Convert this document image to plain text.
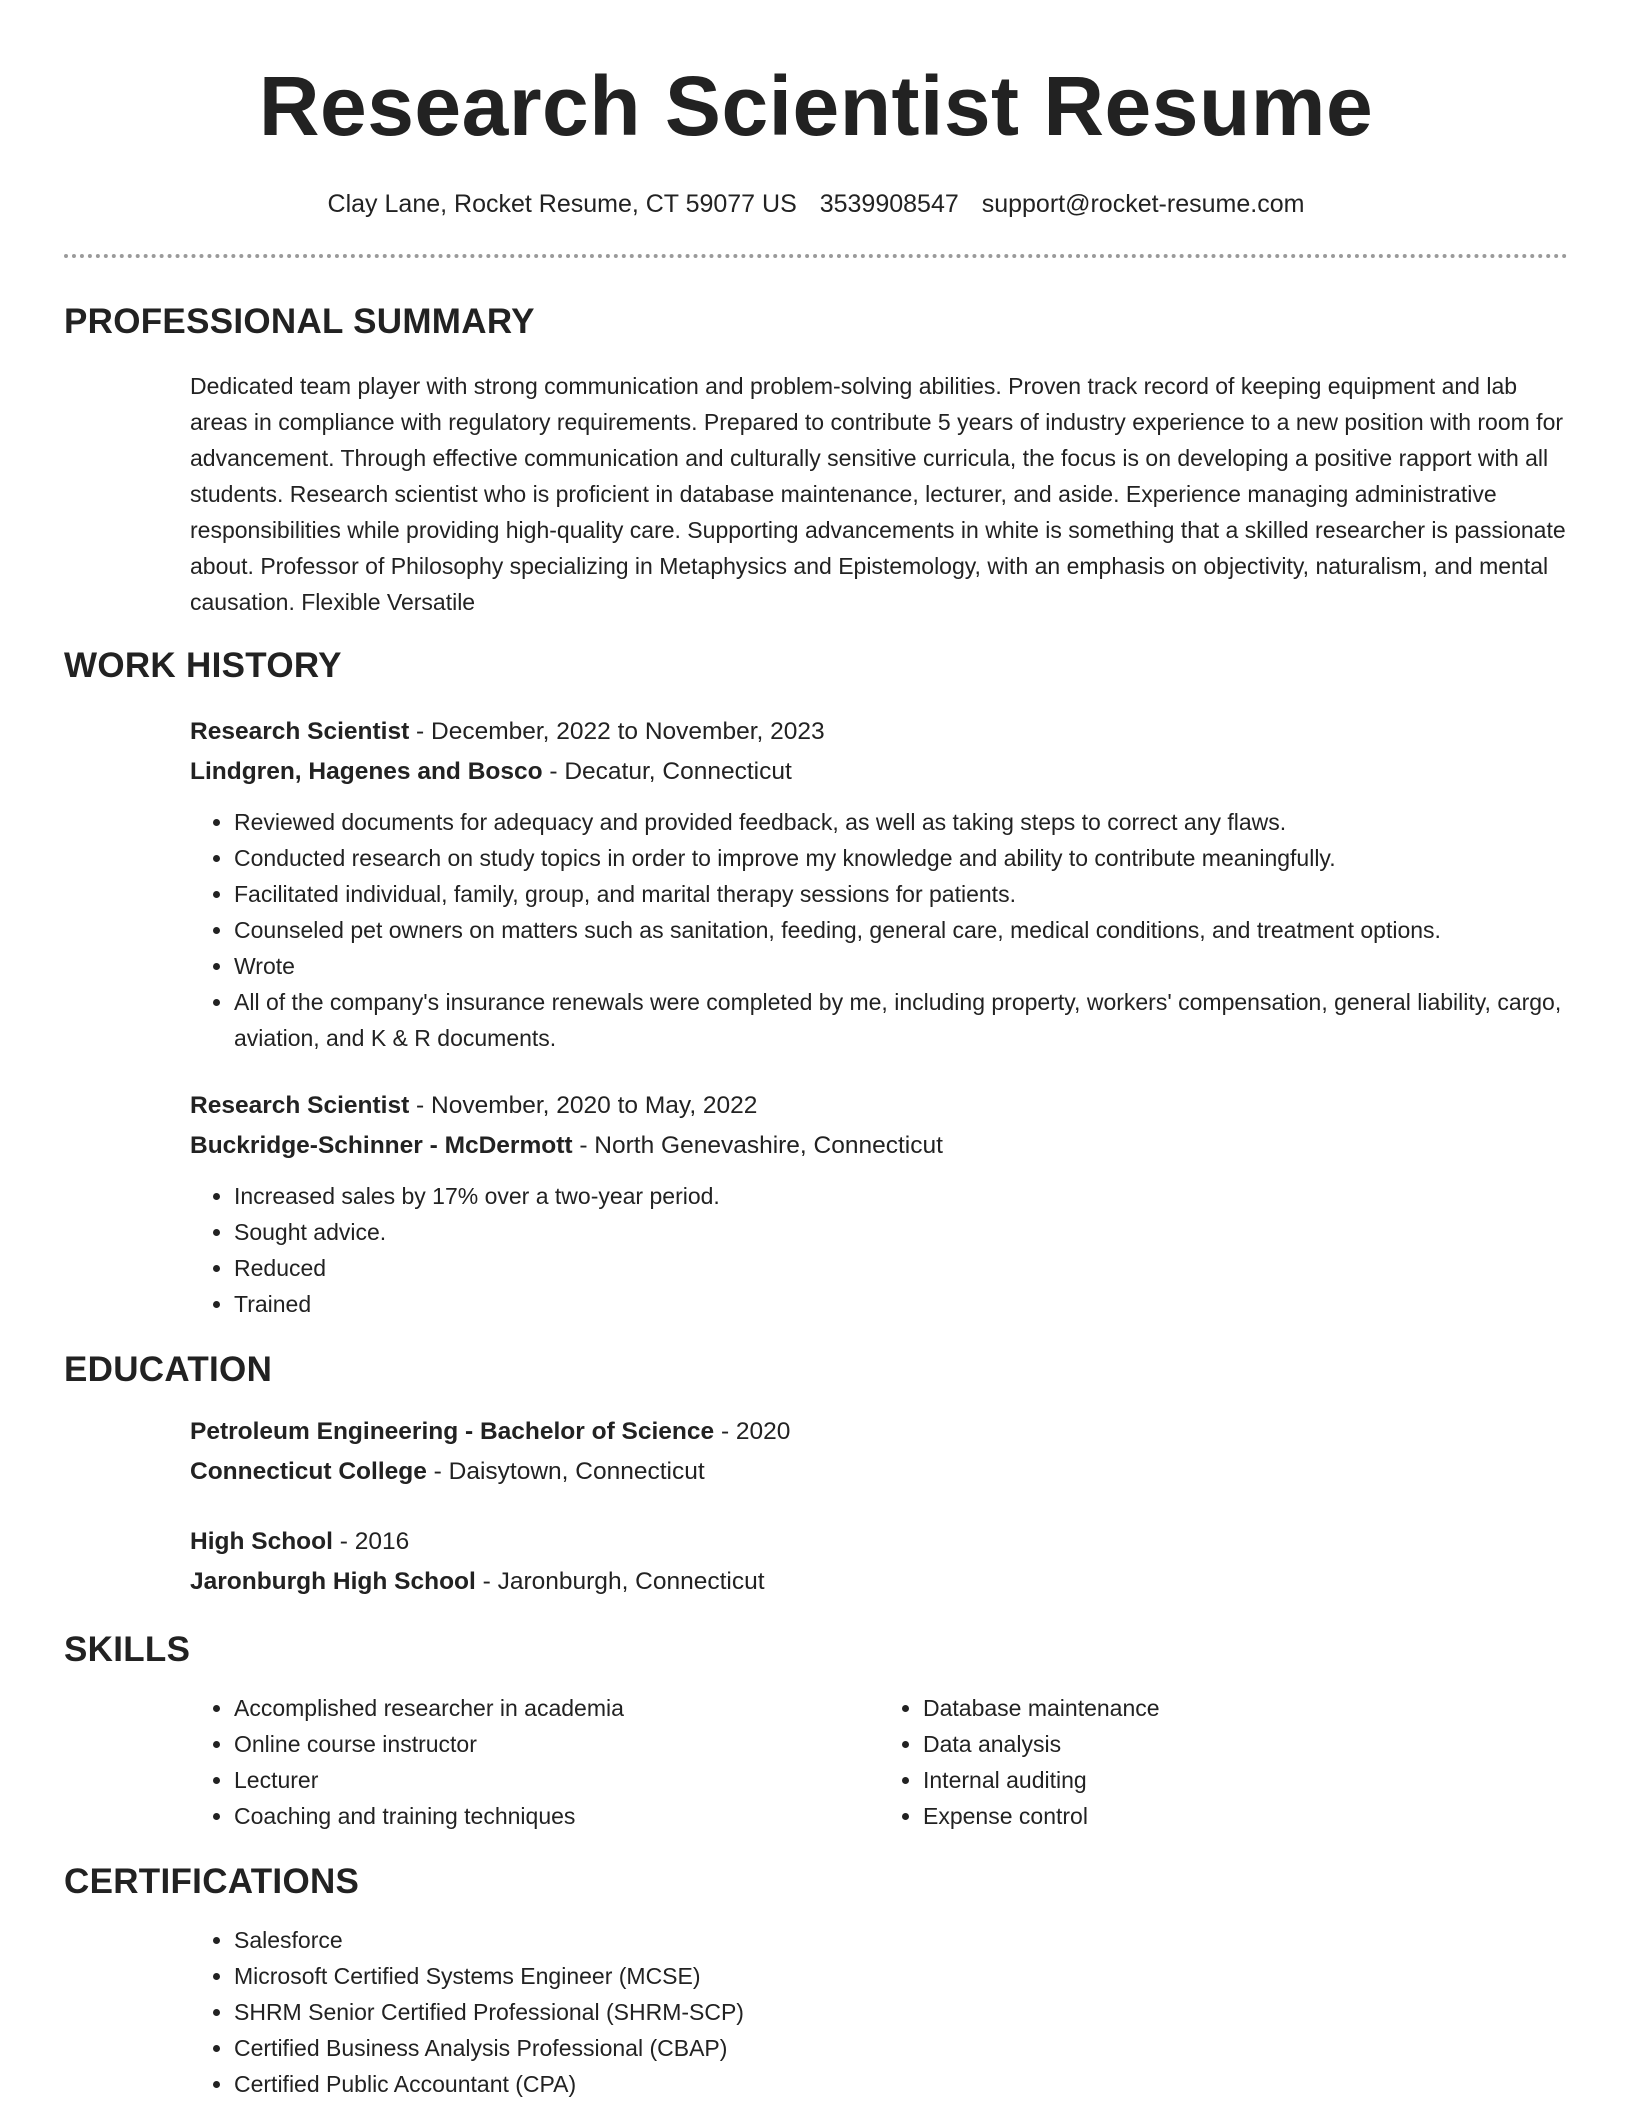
Research Scientist Resume
Clay Lane, Rocket Resume, CT 59077 US 3539908547 support@rocket-resume.com
PROFESSIONAL SUMMARY
Dedicated team player with strong communication and problem-solving abilities. Proven track record of keeping equipment and lab areas in compliance with regulatory requirements. Prepared to contribute 5 years of industry experience to a new position with room for advancement. Through effective communication and culturally sensitive curricula, the focus is on developing a positive rapport with all students. Research scientist who is proficient in database maintenance, lecturer, and aside. Experience managing administrative responsibilities while providing high-quality care. Supporting advancements in white is something that a skilled researcher is passionate about. Professor of Philosophy specializing in Metaphysics and Epistemology, with an emphasis on objectivity, naturalism, and mental causation. Flexible Versatile
WORK HISTORY
Research Scientist - December, 2022 to November, 2023
Lindgren, Hagenes and Bosco - Decatur, Connecticut
• Reviewed documents for adequacy and provided feedback, as well as taking steps to correct any flaws.
• Conducted research on study topics in order to improve my knowledge and ability to contribute meaningfully.
• Facilitated individual, family, group, and marital therapy sessions for patients.
• Counseled pet owners on matters such as sanitation, feeding, general care, medical conditions, and treatment options.
• Wrote
• All of the company's insurance renewals were completed by me, including property, workers' compensation, general liability, cargo, aviation, and K & R documents.
Research Scientist - November, 2020 to May, 2022
Buckridge-Schinner - McDermott - North Genevashire, Connecticut
• Increased sales by 17% over a two-year period.
• Sought advice.
• Reduced
• Trained
EDUCATION
Petroleum Engineering - Bachelor of Science - 2020
Connecticut College - Daisytown, Connecticut
High School - 2016
Jaronburgh High School - Jaronburgh, Connecticut
SKILLS
• Accomplished researcher in academia
• Online course instructor
• Lecturer
• Coaching and training techniques
• Database maintenance
• Data analysis
• Internal auditing
• Expense control
CERTIFICATIONS
• Salesforce
• Microsoft Certified Systems Engineer (MCSE)
• SHRM Senior Certified Professional (SHRM-SCP)
• Certified Business Analysis Professional (CBAP)
• Certified Public Accountant (CPA)
